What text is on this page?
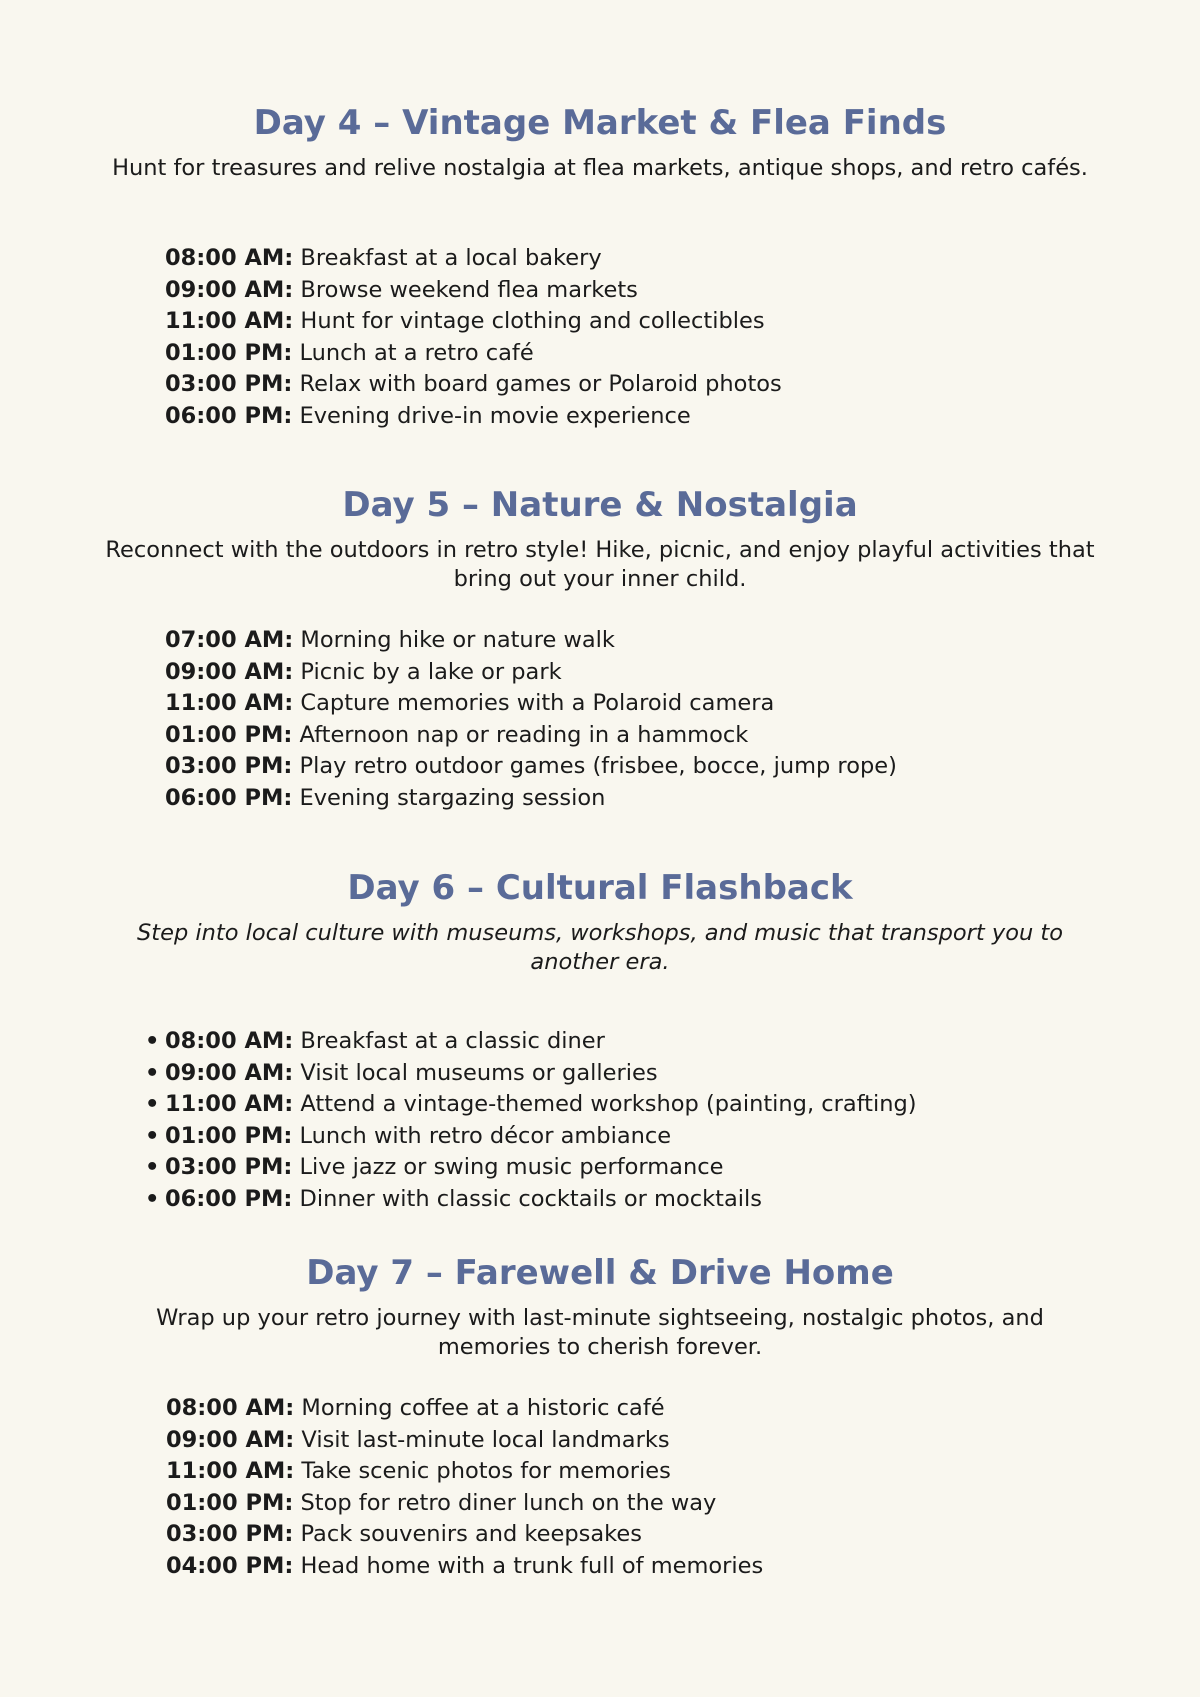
Day 4 – Vintage Market & Flea Finds

Hunt for treasures and relive nostalgia at flea markets, antique shops, and retro cafés.

08:00 AM: Breakfast at a local bakery
09:00 AM: Browse weekend flea markets
11:00 AM: Hunt for vintage clothing and collectibles
01:00 PM: Lunch at a retro café
03:00 PM: Relax with board games or Polaroid photos
06:00 PM: Evening drive-in movie experience
Day 5 – Nature & Nostalgia

Reconnect with the outdoors in retro style! Hike, picnic, and enjoy playful activities that bring out your inner child.

07:00 AM: Morning hike or nature walk
09:00 AM: Picnic by a lake or park
11:00 AM: Capture memories with a Polaroid camera
01:00 PM: Afternoon nap or reading in a hammock
03:00 PM: Play retro outdoor games (frisbee, bocce, jump rope)
06:00 PM: Evening stargazing session
Day 6 – Cultural Flashback

Step into local culture with museums, workshops, and music that transport you to another era.

• 08:00 AM: Breakfast at a classic diner
• 09:00 AM: Visit local museums or galleries
• 11:00 AM: Attend a vintage-themed workshop (painting, crafting)
• 01:00 PM: Lunch with retro décor ambiance
• 03:00 PM: Live jazz or swing music performance
• 06:00 PM: Dinner with classic cocktails or mocktails
Day 7 – Farewell & Drive Home

Wrap up your retro journey with last-minute sightseeing, nostalgic photos, and memories to cherish forever.

08:00 AM: Morning coffee at a historic café
09:00 AM: Visit last-minute local landmarks
11:00 AM: Take scenic photos for memories
01:00 PM: Stop for retro diner lunch on the way
03:00 PM: Pack souvenirs and keepsakes
04:00 PM: Head home with a trunk full of memories
